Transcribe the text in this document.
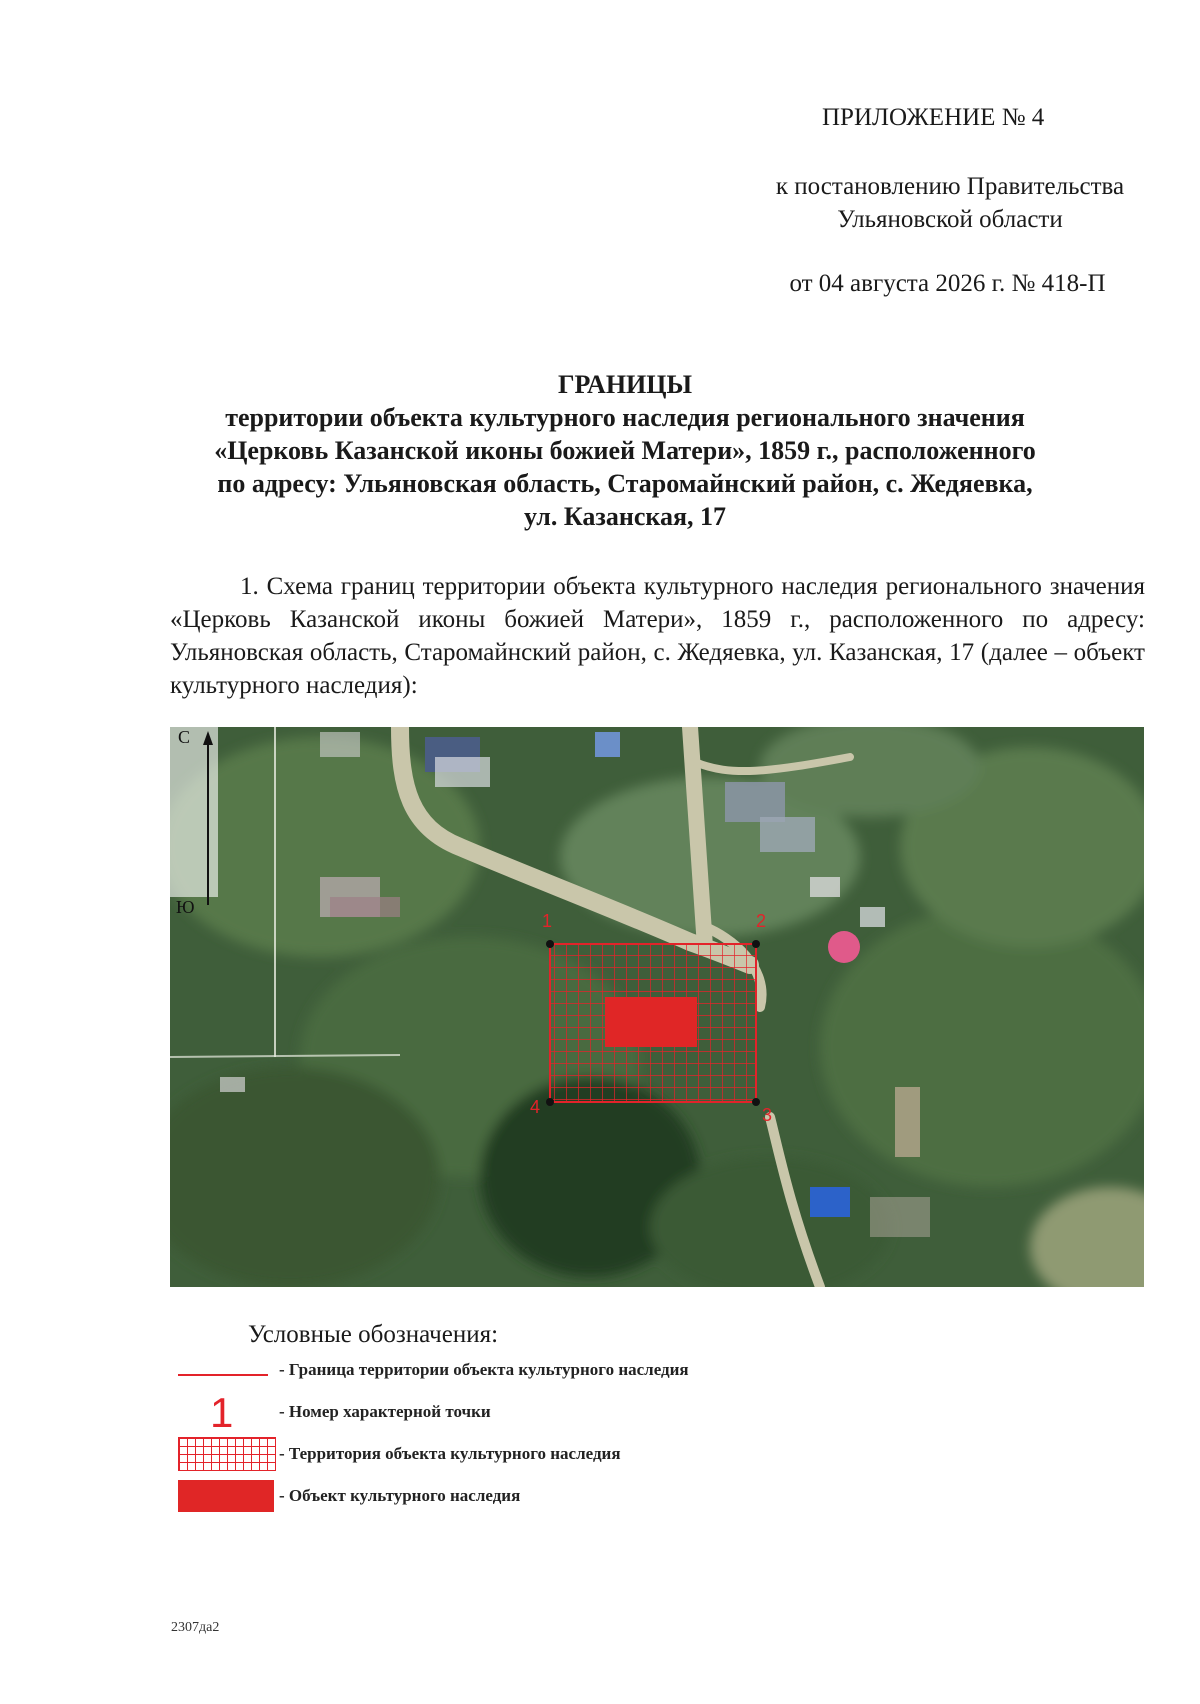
ПРИЛОЖЕНИЕ № 4
к постановлению Правительства
Ульяновской области
от 04 августа 2026 г. № 418-П
ГРАНИЦЫ
территории объекта культурного наследия регионального значения
«Церковь Казанской иконы божией Матери», 1859 г., расположенного
по адресу: Ульяновская область, Старомайнский район, с. Жедяевка,
ул. Казанская, 17
1. Схема границ территории объекта культурного наследия регионального значения «Церковь Казанской иконы божией Матери», 1859 г., расположенного по адресу: Ульяновская область, Старомайнский район, с. Жедяевка, ул. Казанская, 17 (далее – объект культурного наследия):
С
Ю
1	2
3
4
Условные обозначения:
- Граница территории объекта культурного наследия
1	- Номер характерной точки
- Территория объекта культурного наследия
- Объект культурного наследия
2307да2
